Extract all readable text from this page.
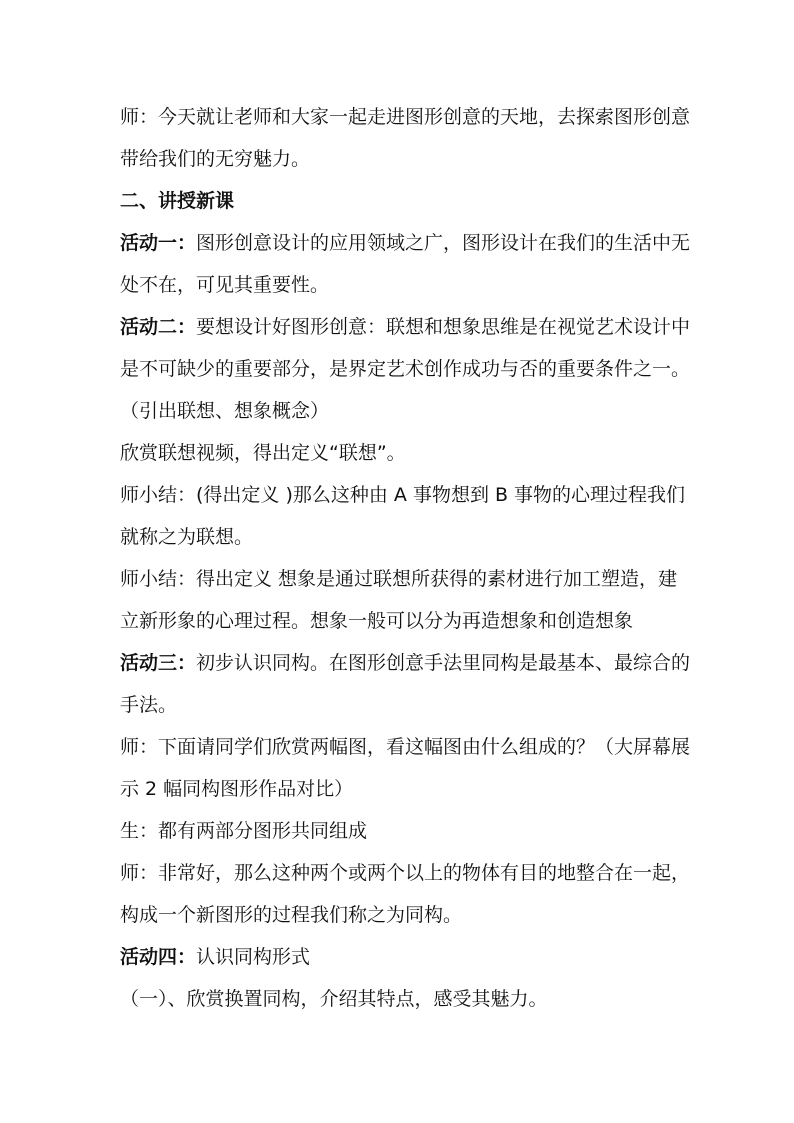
师：今天就让老师和大家一起走进图形创意的天地，去探索图形创意
带给我们的无穷魅力。
二、讲授新课
活动一：图形创意设计的应用领域之广，图形设计在我们的生活中无
处不在，可见其重要性。
活动二：要想设计好图形创意：联想和想象思维是在视觉艺术设计中
是不可缺少的重要部分，是界定艺术创作成功与否的重要条件之一。
（引出联想、想象概念）
欣赏联想视频，得出定义“联想”。
师小结：(得出定义 )那么这种由 A 事物想到 B 事物的心理过程我们
就称之为联想。
师小结：得出定义 想象是通过联想所获得的素材进行加工塑造，建
立新形象的心理过程。想象一般可以分为再造想象和创造想象
活动三：初步认识同构。在图形创意手法里同构是最基本、最综合的
手法。
师：下面请同学们欣赏两幅图，看这幅图由什么组成的？（大屏幕展
示 2 幅同构图形作品对比）
生：都有两部分图形共同组成
师：非常好，那么这种两个或两个以上的物体有目的地整合在一起，
构成一个新图形的过程我们称之为同构。
活动四：认识同构形式
（一）、欣赏换置同构，介绍其特点，感受其魅力。
